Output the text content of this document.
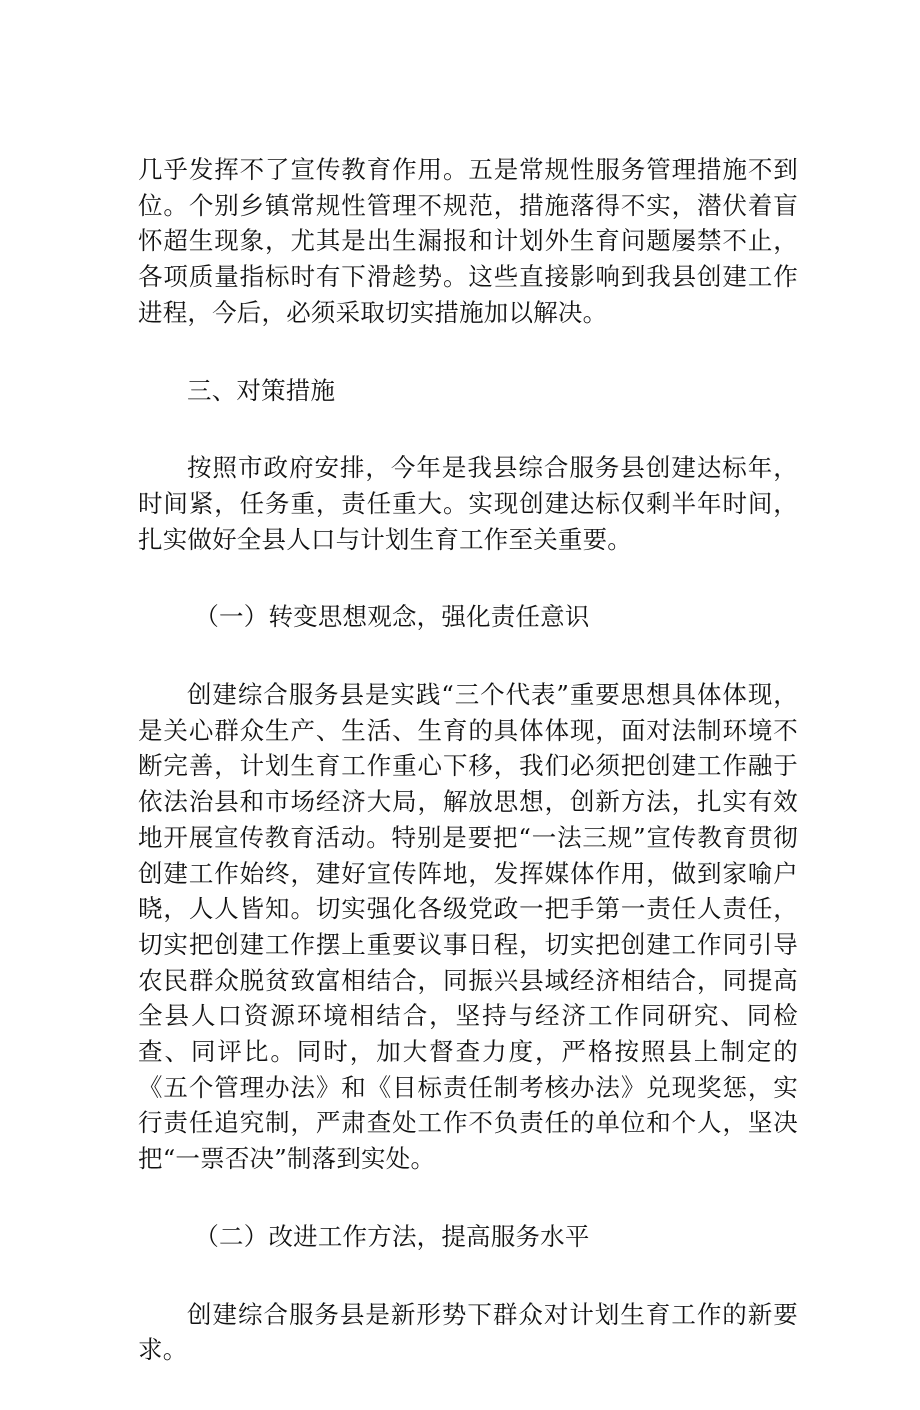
几乎发挥不了宣传教育作用。五是常规性服务管理措施不到位。个别乡镇常规性管理不规范，措施落得不实，潜伏着盲怀超生现象，尤其是出生漏报和计划外生育问题屡禁不止，各项质量指标时有下滑趁势。这些直接影响到我县创建工作进程，今后，必须采取切实措施加以解决。

三、对策措施

按照市政府安排，今年是我县综合服务县创建达标年，时间紧，任务重，责任重大。实现创建达标仅剩半年时间，扎实做好全县人口与计划生育工作至关重要。

（一）转变思想观念，强化责任意识

创建综合服务县是实践“三个代表”重要思想具体体现，是关心群众生产、生活、生育的具体体现，面对法制环境不断完善，计划生育工作重心下移，我们必须把创建工作融于依法治县和市场经济大局，解放思想，创新方法，扎实有效地开展宣传教育活动。特别是要把“一法三规”宣传教育贯彻创建工作始终，建好宣传阵地，发挥媒体作用，做到家喻户晓，人人皆知。切实强化各级党政一把手第一责任人责任，切实把创建工作摆上重要议事日程，切实把创建工作同引导农民群众脱贫致富相结合，同振兴县域经济相结合，同提高全县人口资源环境相结合，坚持与经济工作同研究、同检查、同评比。同时，加大督查力度，严格按照县上制定的《五个管理办法》和《目标责任制考核办法》兑现奖惩，实行责任追究制，严肃查处工作不负责任的单位和个人，坚决把“一票否决”制落到实处。

（二）改进工作方法，提高服务水平

创建综合服务县是新形势下群众对计划生育工作的新要求。
